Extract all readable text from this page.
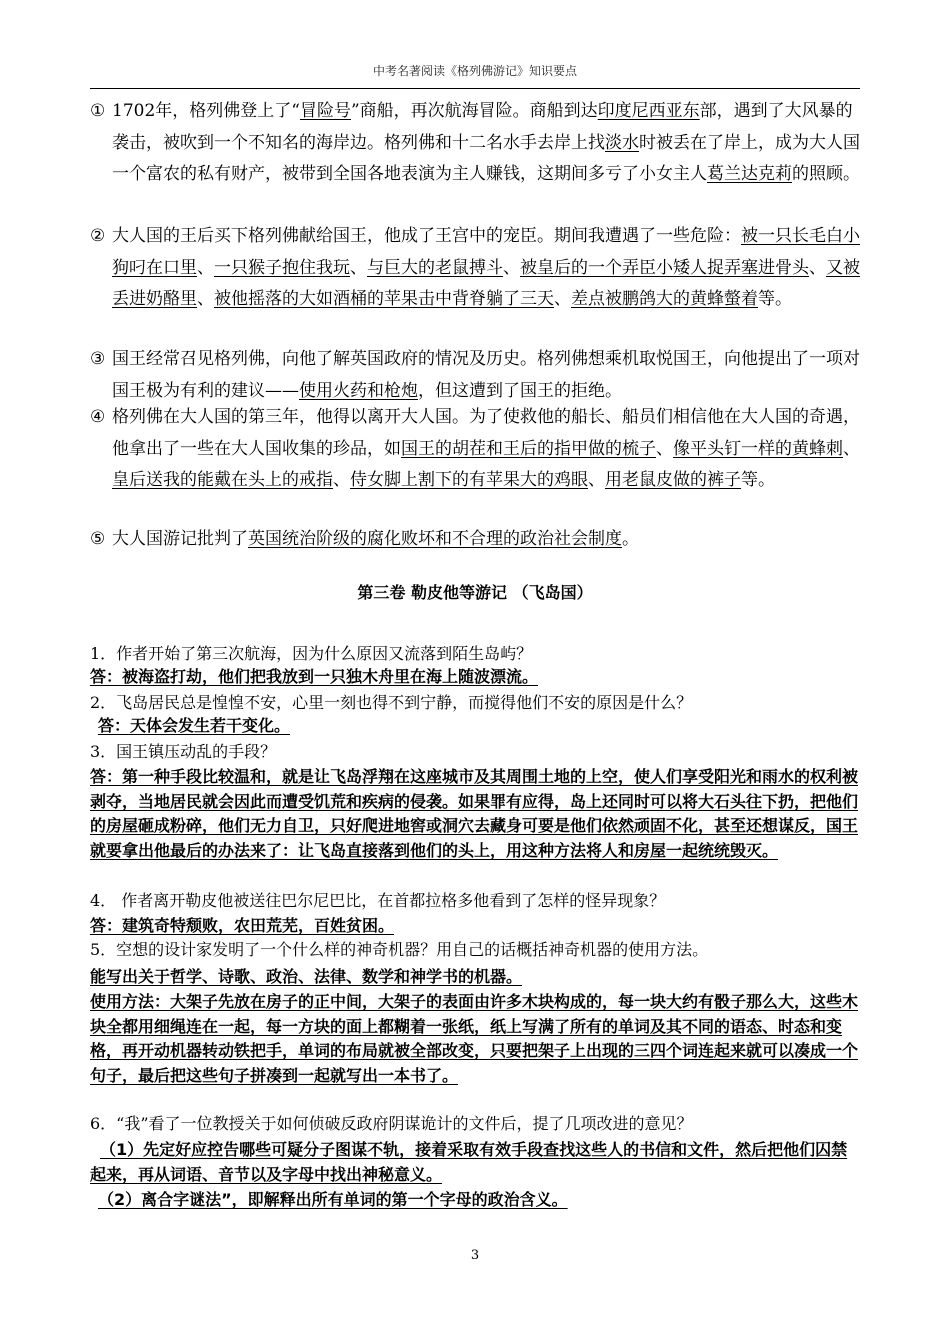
中考名著阅读《格列佛游记》知识要点
① 1702年，格列佛登上了“冒险号”商船，再次航海冒险。商船到达印度尼西亚东部，遇到了大风暴的袭击，被吹到一个不知名的海岸边。格列佛和十二名水手去岸上找淡水时被丢在了岸上，成为大人国一个富农的私有财产，被带到全国各地表演为主人赚钱，这期间多亏了小女主人葛兰达克莉的照顾。
② 大人国的王后买下格列佛献给国王，他成了王宫中的宠臣。期间我遭遇了一些危险：被一只长毛白小狗叼在口里、一只猴子抱住我玩、与巨大的老鼠搏斗、被皇后的一个弄臣小矮人捉弄塞进骨头、又被丢进奶酪里、被他摇落的大如酒桶的苹果击中背脊躺了三天、差点被鹏鸽大的黄蜂螫着等。
③ 国王经常召见格列佛，向他了解英国政府的情况及历史。格列佛想乘机取悦国王，向他提出了一项对国王极为有利的建议——使用火药和枪炮，但这遭到了国王的拒绝。
④ 格列佛在大人国的第三年，他得以离开大人国。为了使救他的船长、船员们相信他在大人国的奇遇，他拿出了一些在大人国收集的珍品，如国王的胡茬和王后的指甲做的梳子、像平头钉一样的黄蜂刺、皇后送我的能戴在头上的戒指、侍女脚上割下的有苹果大的鸡眼、用老鼠皮做的裤子等。
⑤ 大人国游记批判了英国统治阶级的腐化败坏和不合理的政治社会制度。
第三卷 勒皮他等游记 （飞岛国）
1．作者开始了第三次航海，因为什么原因又流落到陌生岛屿？
答：被海盗打劫，他们把我放到一只独木舟里在海上随波漂流。
2．飞岛居民总是惶惶不安，心里一刻也得不到宁静，而搅得他们不安的原因是什么？
答：天体会发生若干变化。
3．国王镇压动乱的手段？
答：第一种手段比较温和，就是让飞岛浮翔在这座城市及其周围土地的上空，使人们享受阳光和雨水的权利被剥夺，当地居民就会因此而遭受饥荒和疾病的侵袭。如果罪有应得，岛上还同时可以将大石头往下扔，把他们的房屋砸成粉碎，他们无力自卫，只好爬进地窖或洞穴去藏身可要是他们依然顽固不化，甚至还想谋反，国王就要拿出他最后的办法来了：让飞岛直接落到他们的头上，用这种方法将人和房屋一起统统毁灭。
4． 作者离开勒皮他被送往巴尔尼巴比，在首都拉格多他看到了怎样的怪异现象？
答：建筑奇特颓败，农田荒芜，百姓贫困。
5．空想的设计家发明了一个什么样的神奇机器？用自己的话概括神奇机器的使用方法。
能写出关于哲学、诗歌、政治、法律、数学和神学书的机器。
使用方法：大架子先放在房子的正中间，大架子的表面由许多木块构成的，每一块大约有骰子那么大，这些木块全都用细绳连在一起，每一方块的面上都糊着一张纸，纸上写满了所有的单词及其不同的语态、时态和变格，再开动机器转动铁把手，单词的布局就被全部改变，只要把架子上出现的三四个词连起来就可以凑成一个句子，最后把这些句子拼凑到一起就写出一本书了。
6．“我”看了一位教授关于如何侦破反政府阴谋诡计的文件后，提了几项改进的意见？
（1）先定好应控告哪些可疑分子图谋不轨，接着采取有效手段查找这些人的书信和文件，然后把他们囚禁起来，再从词语、音节以及字母中找出神秘意义。
（2）离合字谜法”，即解释出所有单词的第一个字母的政治含义。
3
